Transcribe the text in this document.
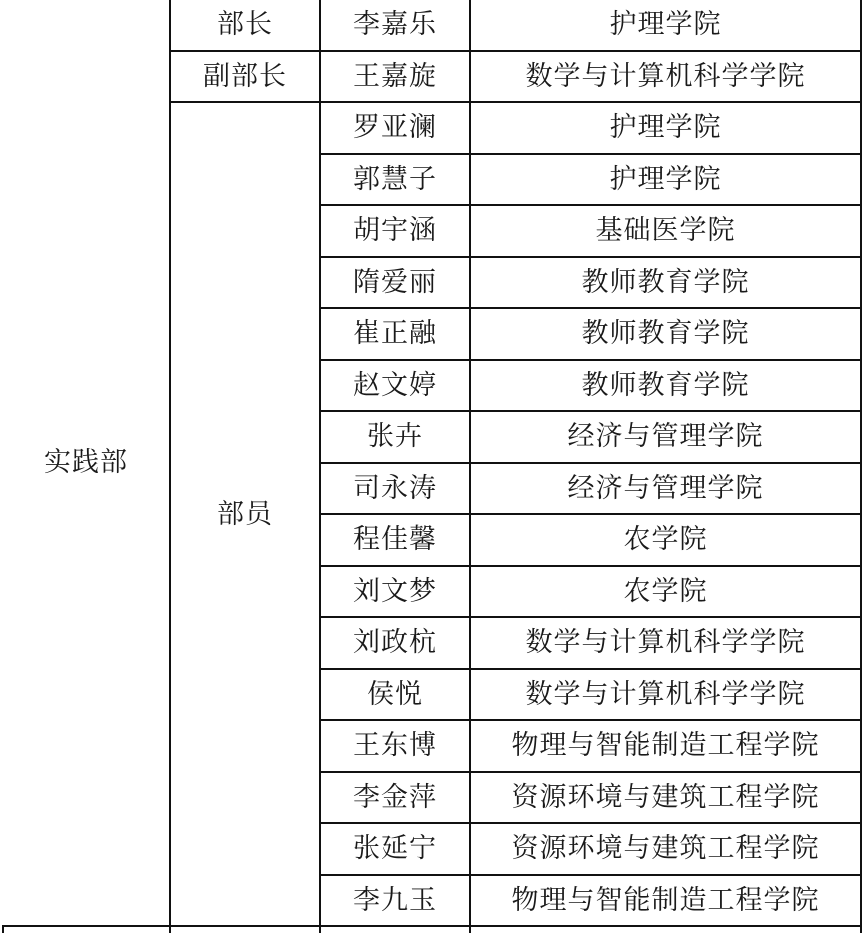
实践部	部长	李嘉乐	护理学院
	副部长	王嘉旋	数学与计算机科学学院
	部员	罗亚澜	护理学院
		郭慧子	护理学院
		胡宇涵	基础医学院
		隋爱丽	教师教育学院
		崔正融	教师教育学院
		赵文婷	教师教育学院
		张卉	经济与管理学院
		司永涛	经济与管理学院
		程佳馨	农学院
		刘文梦	农学院
		刘政杭	数学与计算机科学学院
		侯悦	数学与计算机科学学院
		王东博	物理与智能制造工程学院
		李金萍	资源环境与建筑工程学院
		张延宁	资源环境与建筑工程学院
		李九玉	物理与智能制造工程学院
